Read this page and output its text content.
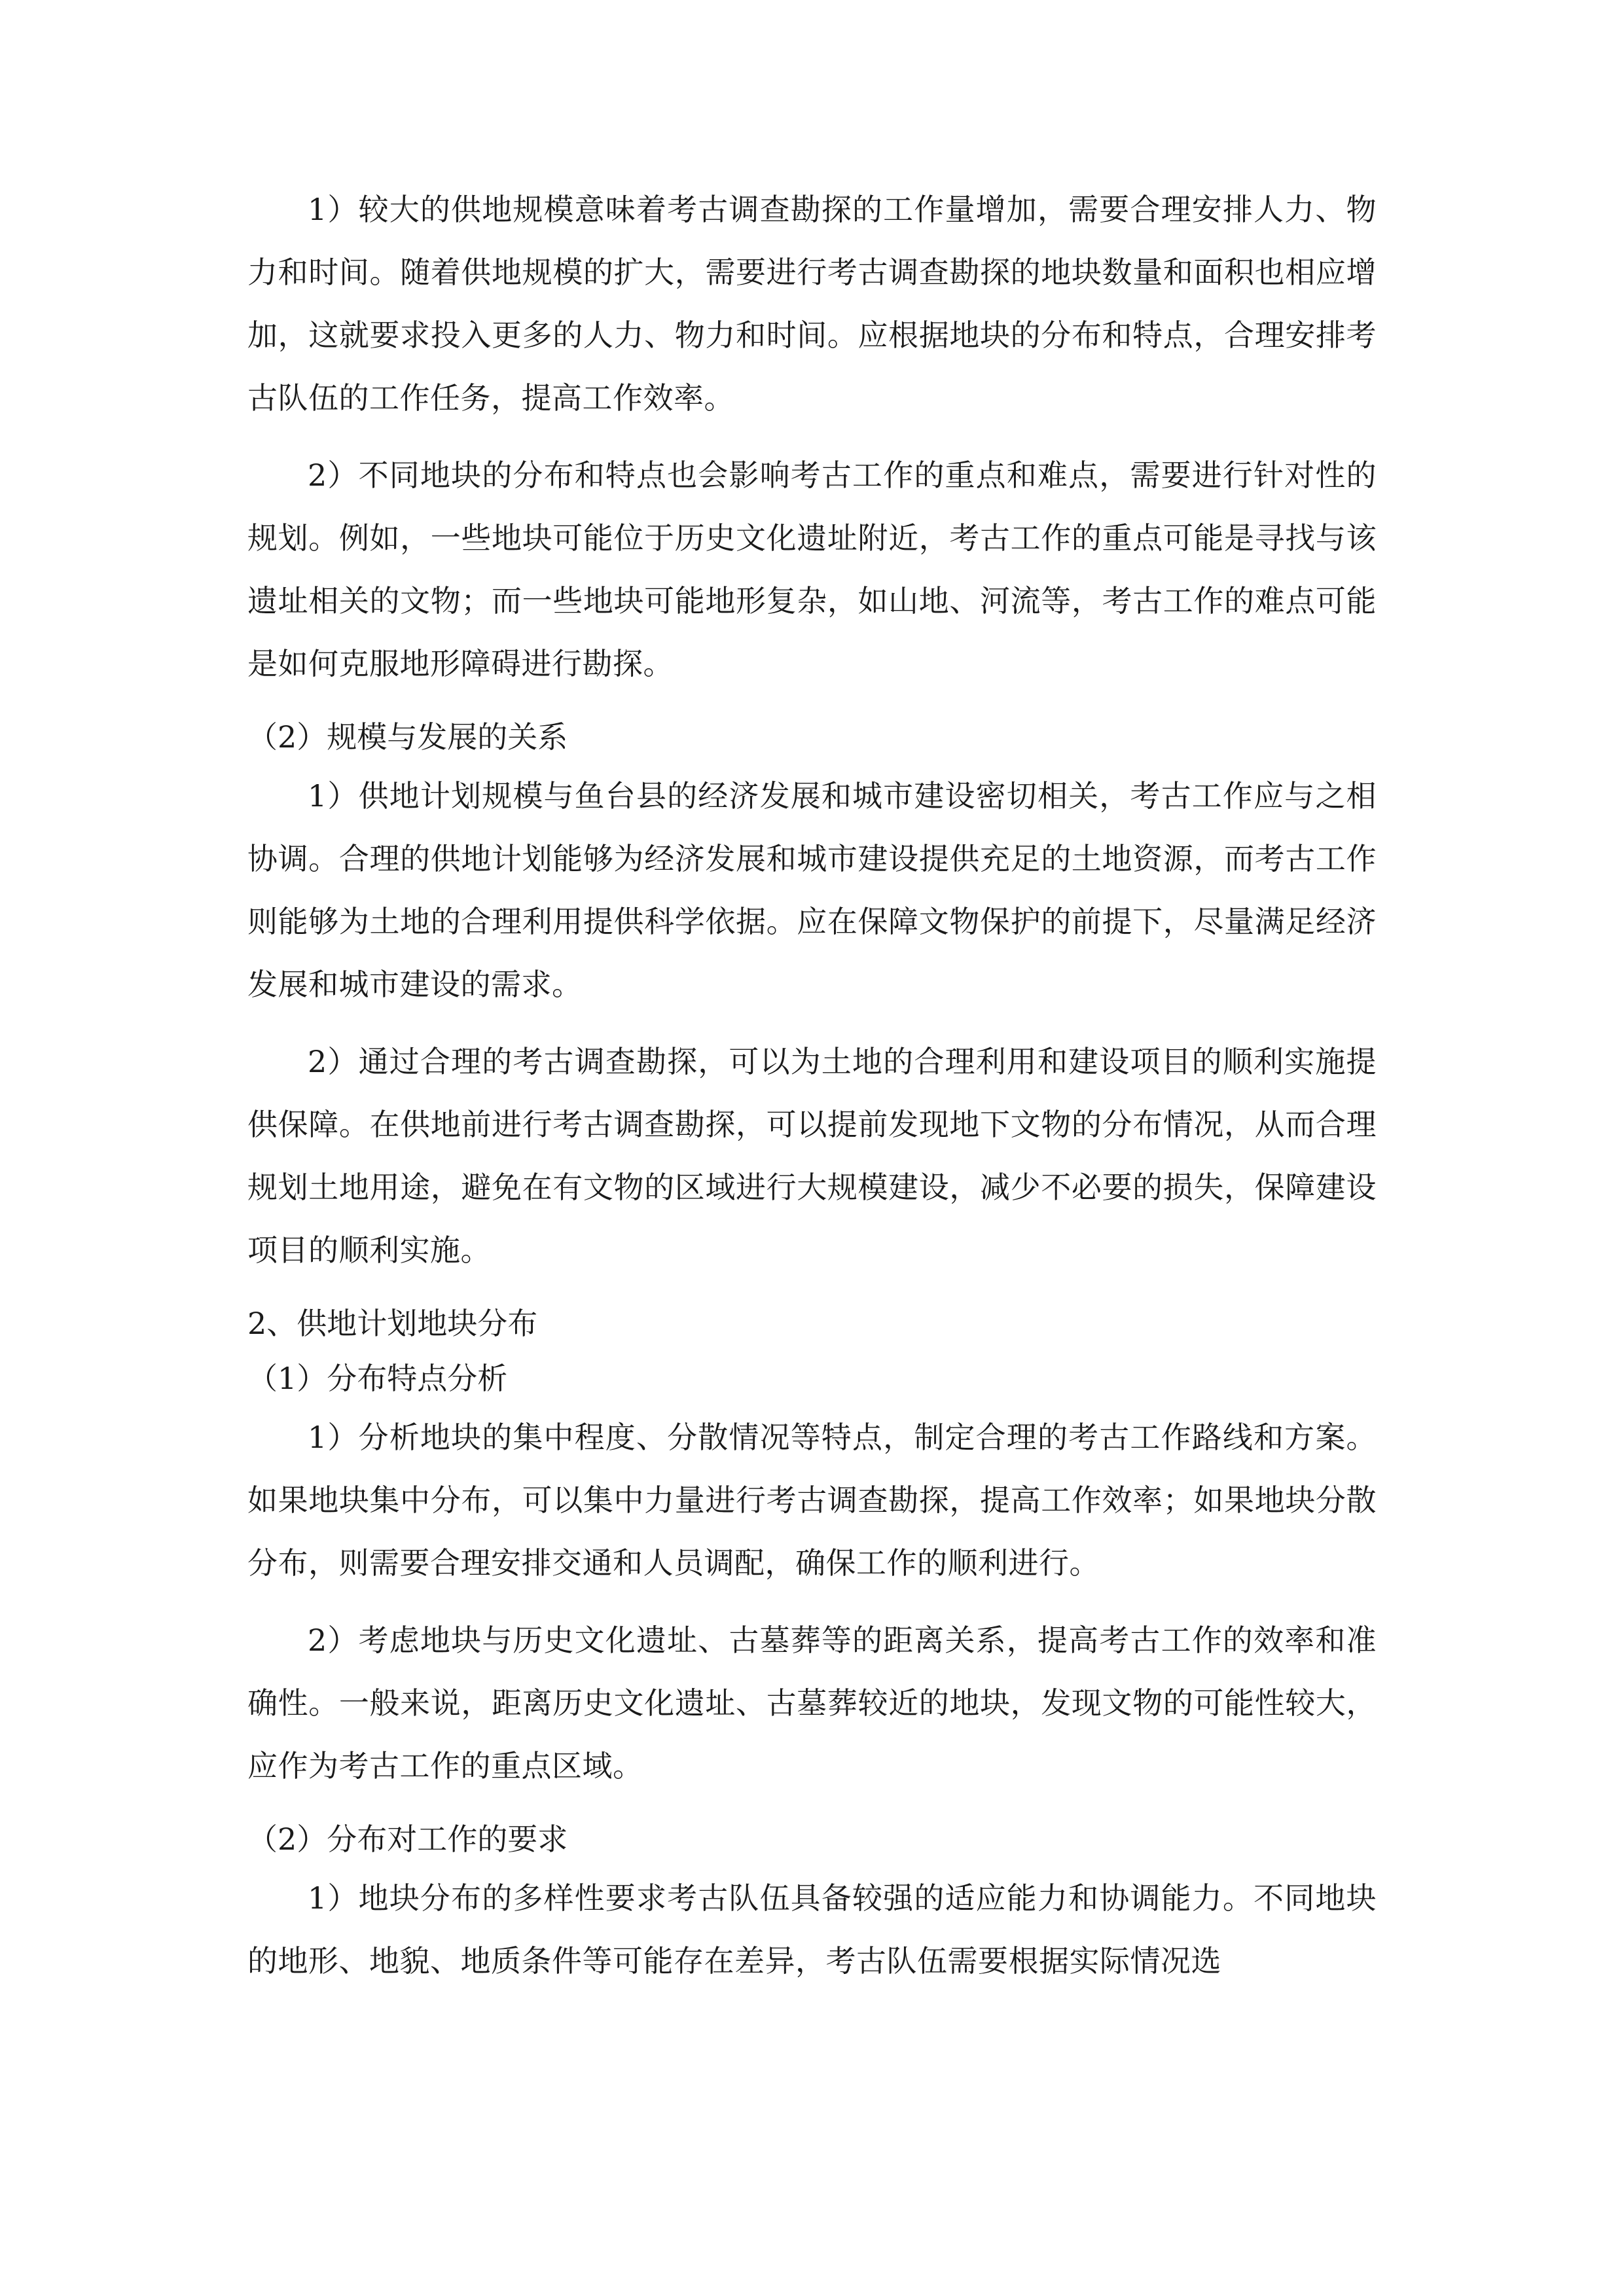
1）较大的供地规模意味着考古调查勘探的工作量增加，需要合理安排人力、物力和时间。随着供地规模的扩大，需要进行考古调查勘探的地块数量和面积也相应增加，这就要求投入更多的人力、物力和时间。应根据地块的分布和特点，合理安排考古队伍的工作任务，提高工作效率。

2）不同地块的分布和特点也会影响考古工作的重点和难点，需要进行针对性的规划。例如，一些地块可能位于历史文化遗址附近，考古工作的重点可能是寻找与该遗址相关的文物；而一些地块可能地形复杂，如山地、河流等，考古工作的难点可能是如何克服地形障碍进行勘探。

（2）规模与发展的关系

1）供地计划规模与鱼台县的经济发展和城市建设密切相关，考古工作应与之相协调。合理的供地计划能够为经济发展和城市建设提供充足的土地资源，而考古工作则能够为土地的合理利用提供科学依据。应在保障文物保护的前提下，尽量满足经济发展和城市建设的需求。

2）通过合理的考古调查勘探，可以为土地的合理利用和建设项目的顺利实施提供保障。在供地前进行考古调查勘探，可以提前发现地下文物的分布情况，从而合理规划土地用途，避免在有文物的区域进行大规模建设，减少不必要的损失，保障建设项目的顺利实施。

2、供地计划地块分布

（1）分布特点分析

1）分析地块的集中程度、分散情况等特点，制定合理的考古工作路线和方案。如果地块集中分布，可以集中力量进行考古调查勘探，提高工作效率；如果地块分散分布，则需要合理安排交通和人员调配，确保工作的顺利进行。

2）考虑地块与历史文化遗址、古墓葬等的距离关系，提高考古工作的效率和准确性。一般来说，距离历史文化遗址、古墓葬较近的地块，发现文物的可能性较大，应作为考古工作的重点区域。

（2）分布对工作的要求

1）地块分布的多样性要求考古队伍具备较强的适应能力和协调能力。不同地块的地形、地貌、地质条件等可能存在差异，考古队伍需要根据实际情况选
